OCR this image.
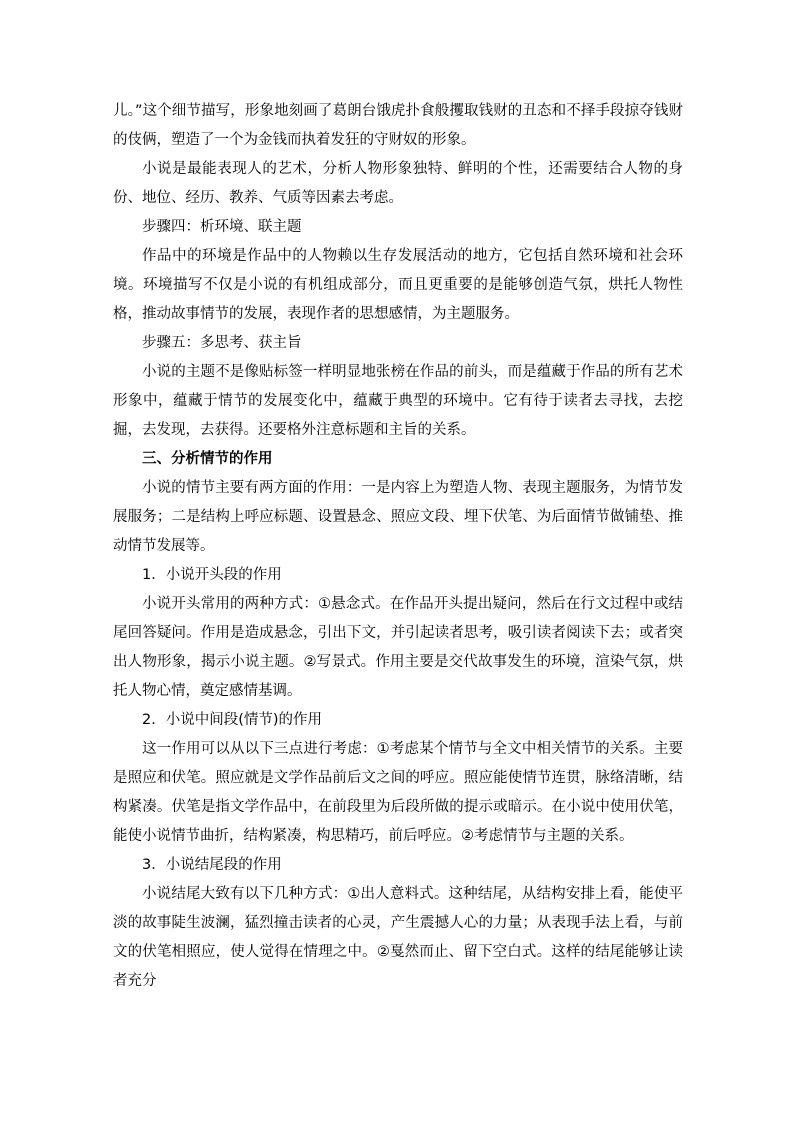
儿。”这个细节描写，形象地刻画了葛朗台饿虎扑食般攫取钱财的丑态和不择手段掠夺钱财的伎俩，塑造了一个为金钱而执着发狂的守财奴的形象。

小说是最能表现人的艺术，分析人物形象独特、鲜明的个性，还需要结合人物的身份、地位、经历、教养、气质等因素去考虑。

步骤四：析环境、联主题

作品中的环境是作品中的人物赖以生存发展活动的地方，它包括自然环境和社会环境。环境描写不仅是小说的有机组成部分，而且更重要的是能够创造气氛，烘托人物性格，推动故事情节的发展，表现作者的思想感情，为主题服务。

步骤五：多思考、获主旨

小说的主题不是像贴标签一样明显地张榜在作品的前头，而是蕴藏于作品的所有艺术形象中，蕴藏于情节的发展变化中，蕴藏于典型的环境中。它有待于读者去寻找，去挖掘，去发现，去获得。还要格外注意标题和主旨的关系。

三、分析情节的作用

小说的情节主要有两方面的作用：一是内容上为塑造人物、表现主题服务，为情节发展服务；二是结构上呼应标题、设置悬念、照应文段、埋下伏笔、为后面情节做铺垫、推动情节发展等。

1．小说开头段的作用

小说开头常用的两种方式：①悬念式。在作品开头提出疑问，然后在行文过程中或结尾回答疑问。作用是造成悬念，引出下文，并引起读者思考，吸引读者阅读下去；或者突出人物形象，揭示小说主题。②写景式。作用主要是交代故事发生的环境，渲染气氛，烘托人物心情，奠定感情基调。

2．小说中间段(情节)的作用

这一作用可以从以下三点进行考虑：①考虑某个情节与全文中相关情节的关系。主要是照应和伏笔。照应就是文学作品前后文之间的呼应。照应能使情节连贯，脉络清晰，结构紧凑。伏笔是指文学作品中，在前段里为后段所做的提示或暗示。在小说中使用伏笔，能使小说情节曲折，结构紧凑，构思精巧，前后呼应。②考虑情节与主题的关系。

3．小说结尾段的作用

小说结尾大致有以下几种方式：①出人意料式。这种结尾，从结构安排上看，能使平淡的故事陡生波澜，猛烈撞击读者的心灵，产生震撼人心的力量；从表现手法上看，与前文的伏笔相照应，使人觉得在情理之中。②戛然而止、留下空白式。这样的结尾能够让读者充分
